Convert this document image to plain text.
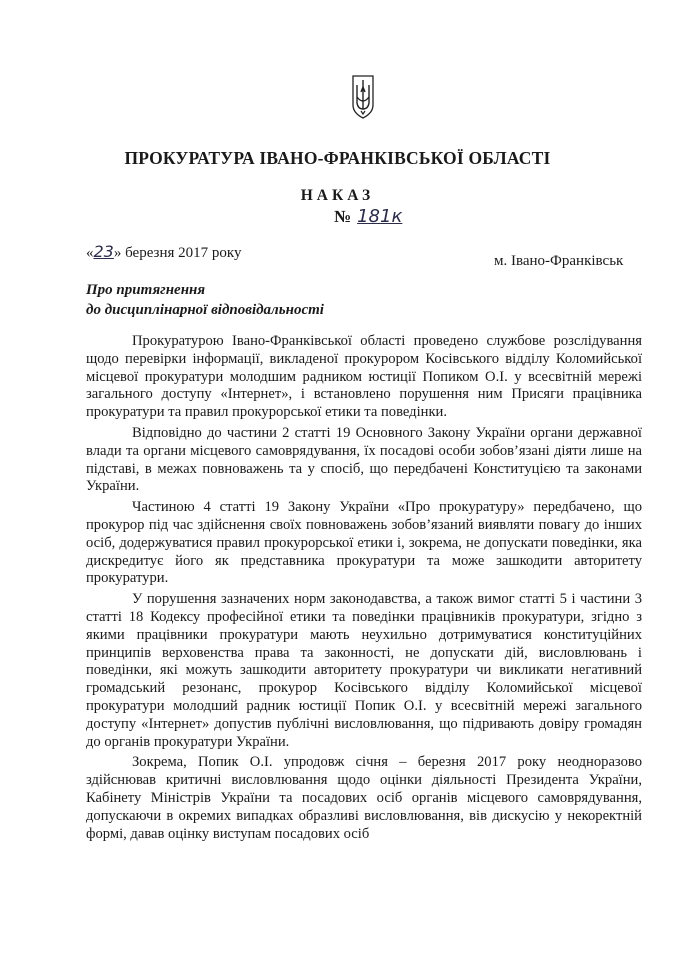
ПРОКУРАТУРА ІВАНО-ФРАНКІВСЬКОЇ ОБЛАСТІ
НАКАЗ
№ 181к
«23» березня 2017 року	м. Івано-Франківськ
Про притягнення
до дисциплінарної відповідальності

Прокуратурою Івано-Франківської області проведено службове розслідування щодо перевірки інформації, викладеної прокурором Косівського відділу Коломийської місцевої прокуратури молодшим радником юстиції Попиком О.І. у всесвітній мережі загального доступу «Інтернет», і встановлено порушення ним Присяги працівника прокуратури та правил прокурорської етики та поведінки.

Відповідно до частини 2 статті 19 Основного Закону України органи державної влади та органи місцевого самоврядування, їх посадові особи зобов’язані діяти лише на підставі, в межах повноважень та у спосіб, що передбачені Конституцією та законами України.

Частиною 4 статті 19 Закону України «Про прокуратуру» передбачено, що прокурор під час здійснення своїх повноважень зобов’язаний виявляти повагу до інших осіб, додержуватися правил прокурорської етики і, зокрема, не допускати поведінки, яка дискредитує його як представника прокуратури та може зашкодити авторитету прокуратури.

У порушення зазначених норм законодавства, а також вимог статті 5 і частини 3 статті 18 Кодексу професійної етики та поведінки працівників прокуратури, згідно з якими працівники прокуратури мають неухильно дотримуватися конституційних принципів верховенства права та законності, не допускати дій, висловлювань і поведінки, які можуть зашкодити авторитету прокуратури чи викликати негативний громадський резонанс, прокурор Косівського відділу Коломийської місцевої прокуратури молодший радник юстиції Попик О.І. у всесвітній мережі загального доступу «Інтернет» допустив публічні висловлювання, що підривають довіру громадян до органів прокуратури України.

Зокрема, Попик О.І. упродовж січня – березня 2017 року неодноразово здійснював критичні висловлювання щодо оцінки діяльності Президента України, Кабінету Міністрів України та посадових осіб органів місцевого самоврядування, допускаючи в окремих випадках образливі висловлювання, вів дискусію у некоректній формі, давав оцінку виступам посадових осіб
